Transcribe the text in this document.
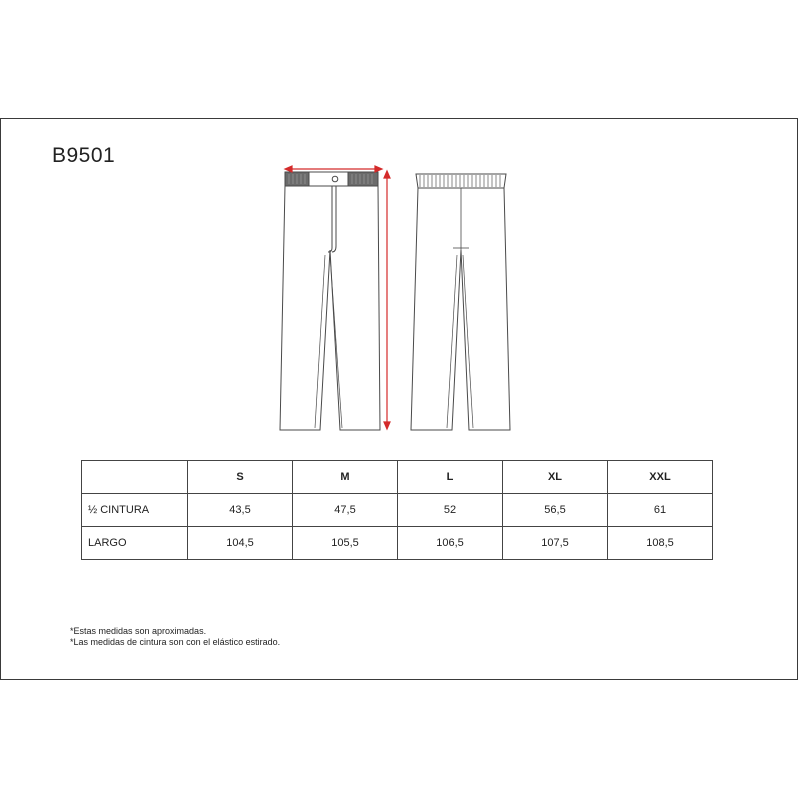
B9501
	S	M	L	XL	XXL
½ CINTURA	43,5	47,5	52	56,5	61
LARGO	104,5	105,5	106,5	107,5	108,5
*Estas medidas son aproximadas.
*Las medidas de cintura son con el elástico estirado.
